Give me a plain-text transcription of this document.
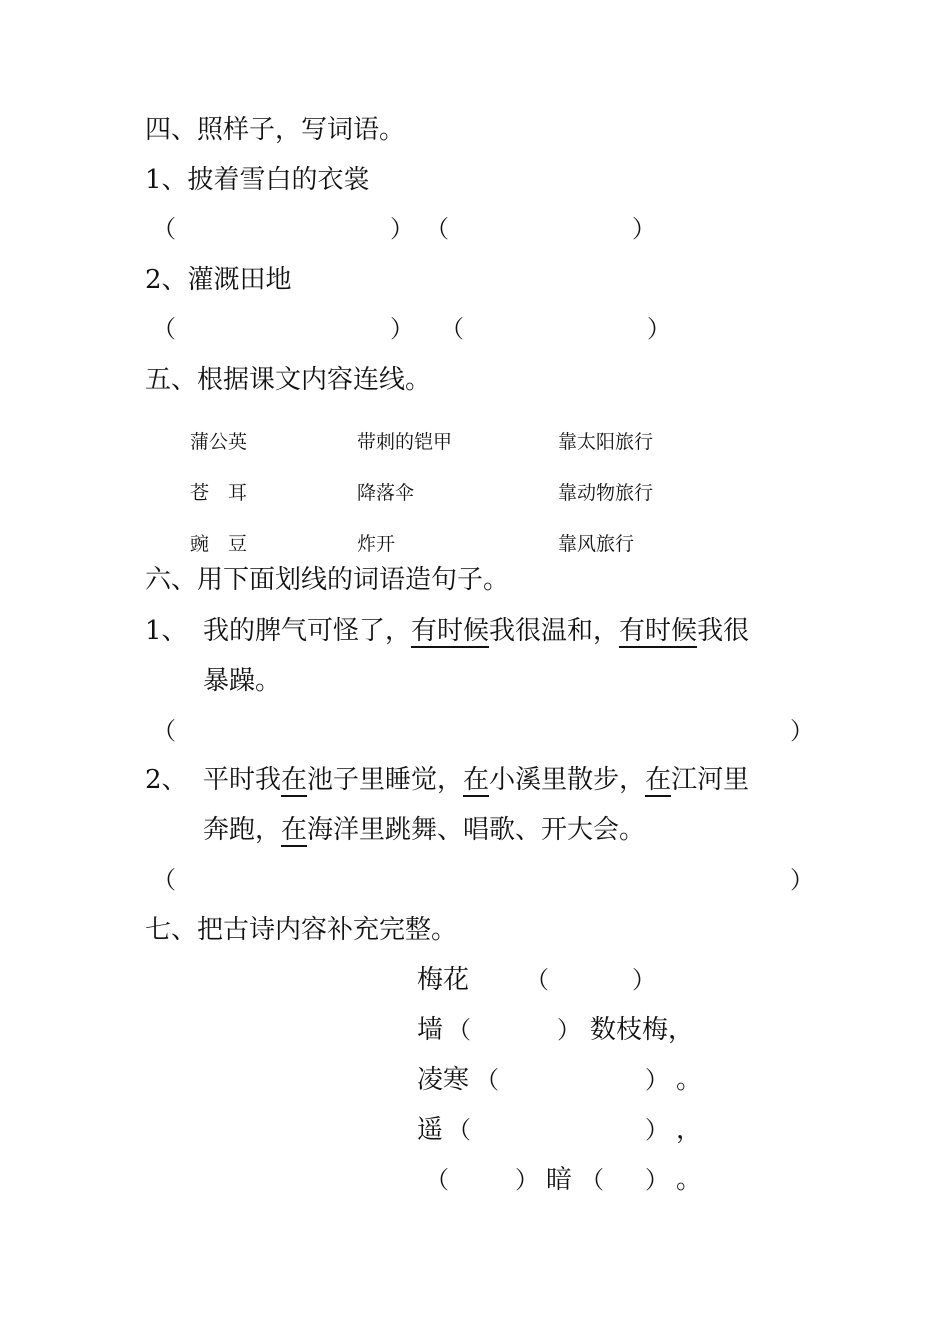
四、照样子，写词语。
1、披着雪白的衣裳
（	） （	）
2、灌溉田地
（	） （	）
五、根据课文内容连线。
蒲公英	带刺的铠甲	靠太阳旅行
苍　耳	降落伞	靠动物旅行
豌　豆	炸开	靠风旅行
六、用下面划线的词语造句子。
1、 我的脾气可怪了，有时候我很温和，有时候我很
暴躁。
（	）
2、 平时我在池子里睡觉，在小溪里散步，在江河里
奔跑，在海洋里跳舞、唱歌、开大会。
（	）
七、把古诗内容补充完整。
梅花 （	）
墙 （	） 数枝梅，
凌寒 （	） 。
遥 （	） ，
（	） 暗 （ ） 。
